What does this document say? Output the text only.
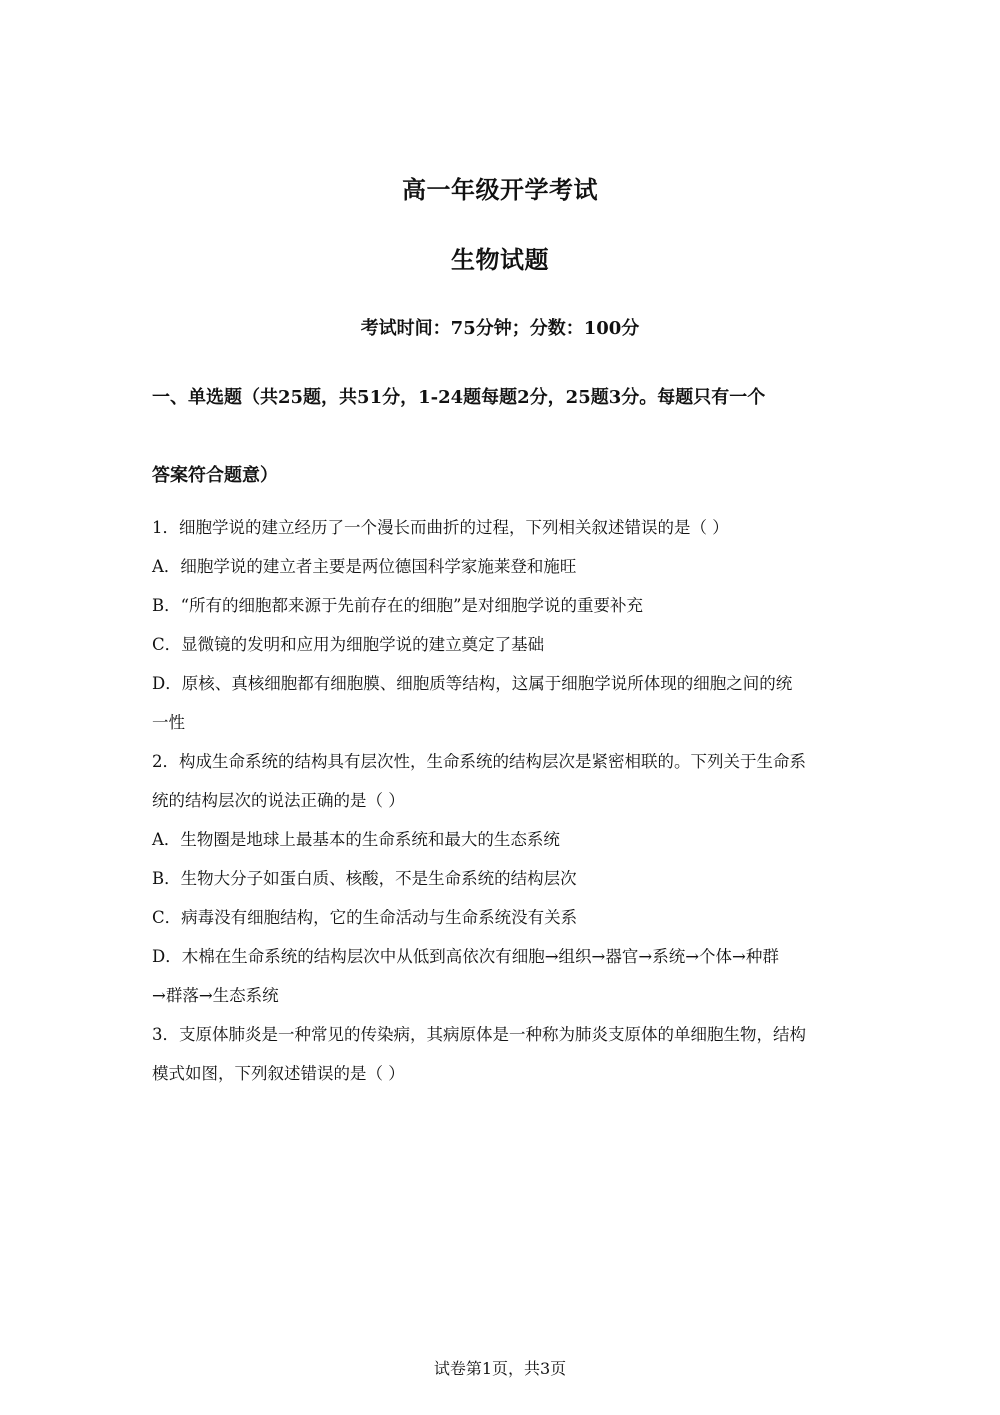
高一年级开学考试
生物试题
考试时间：75分钟；分数：100分
一、单选题（共25题，共51分，1-24题每题2分，25题3分。每题只有一个
答案符合题意）
1．细胞学说的建立经历了一个漫长而曲折的过程，下列相关叙述错误的是（ ）
A．细胞学说的建立者主要是两位德国科学家施莱登和施旺
B．“所有的细胞都来源于先前存在的细胞”是对细胞学说的重要补充
C．显微镜的发明和应用为细胞学说的建立奠定了基础
D．原核、真核细胞都有细胞膜、细胞质等结构，这属于细胞学说所体现的细胞之间的统
一性
2．构成生命系统的结构具有层次性，生命系统的结构层次是紧密相联的。下列关于生命系
统的结构层次的说法正确的是（ ）
A．生物圈是地球上最基本的生命系统和最大的生态系统
B．生物大分子如蛋白质、核酸，不是生命系统的结构层次
C．病毒没有细胞结构，它的生命活动与生命系统没有关系
D．木棉在生命系统的结构层次中从低到高依次有细胞→组织→器官→系统→个体→种群
→群落→生态系统
3．支原体肺炎是一种常见的传染病，其病原体是一种称为肺炎支原体的单细胞生物，结构
模式如图，下列叙述错误的是（ ）
试卷第1页，共3页
